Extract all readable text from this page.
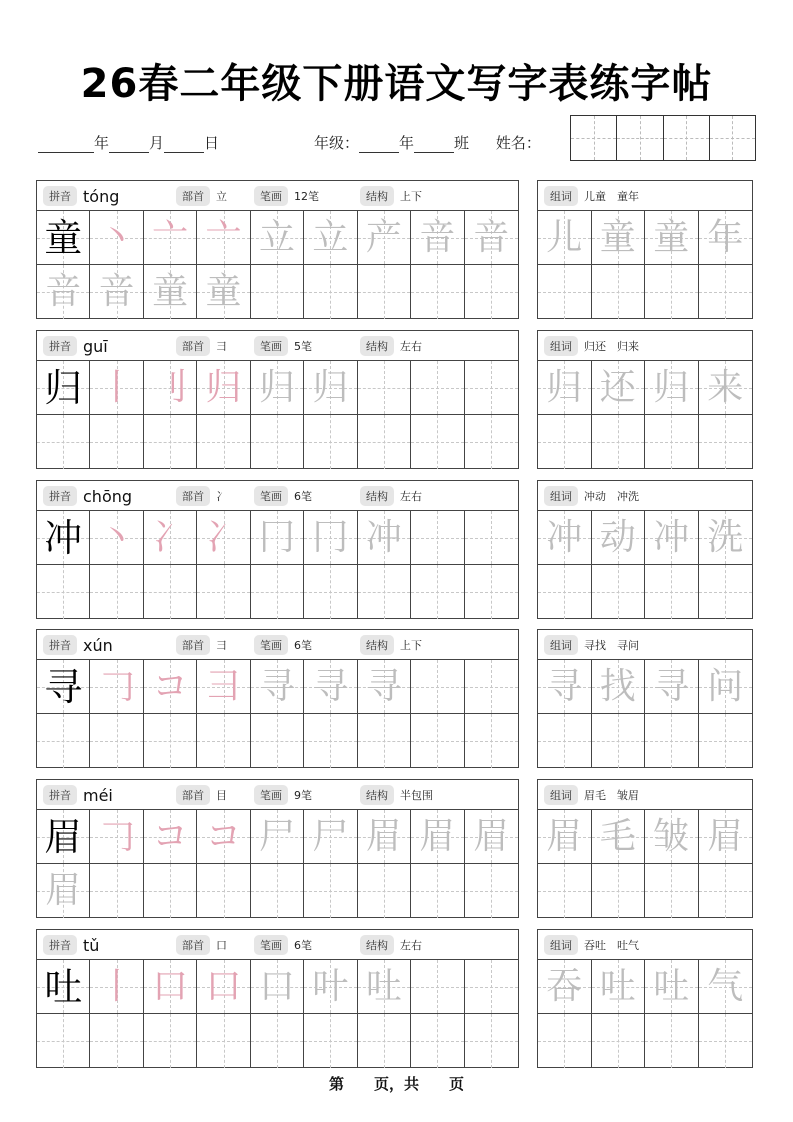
26春二年级下册语文写字表练字帖
年	月	日	年级：	年	班 姓名：
拼音 tóng	部首	立	笔画	12笔	结构	上下
童 丶 亠 亠 立 立 产 音 音
音 音 童 童
组词	儿童　童年
儿 童 童 年
拼音 guī	部首	彐	笔画	5笔	结构	左右
归 丨 刂 归 归 归
组词	归还　归来
归 还 归 来
拼音 chōng	部首	冫	笔画	6笔	结构	左右
冲 丶 冫 冫 冂 冂 冲
组词	冲动　冲洗
冲 动 冲 洗
拼音 xún	部首	彐	笔画	6笔	结构	上下
寻 𠃌 コ 彐 寻 寻 寻
组词	寻找　寻问
寻 找 寻 问
拼音 méi	部首	目	笔画	9笔	结构	半包围
眉 𠃌 コ コ 尸 尸 眉 眉 眉
眉
组词	眉毛　皱眉
眉 毛 皱 眉
拼音 tǔ	部首	口	笔画	6笔	结构	左右
吐 丨 口 口 口 叶 吐
组词	吞吐　吐气
吞 吐 吐 气
第　　页，共　　页
